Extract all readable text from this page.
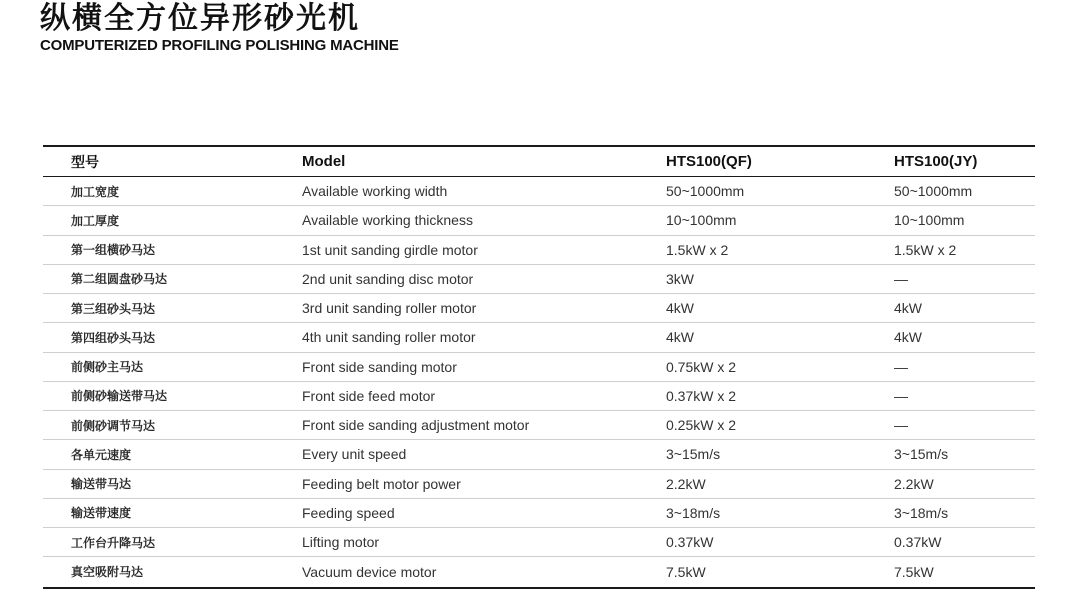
纵横全方位异形砂光机
COMPUTERIZED PROFILING POLISHING MACHINE
型号	Model	HTS100(QF)	HTS100(JY)
加工宽度	Available working width	50~1000mm	50~1000mm
加工厚度	Available working thickness	10~100mm	10~100mm
第一组横砂马达	1st unit sanding girdle motor	1.5kW x 2	1.5kW x 2
第二组圆盘砂马达	2nd unit sanding disc motor	3kW	—
第三组砂头马达	3rd unit sanding roller motor	4kW	4kW
第四组砂头马达	4th unit sanding roller motor	4kW	4kW
前侧砂主马达	Front side sanding motor	0.75kW x 2	—
前侧砂输送带马达	Front side feed motor	0.37kW x 2	—
前侧砂调节马达	Front side sanding adjustment motor	0.25kW x 2	—
各单元速度	Every unit speed	3~15m/s	3~15m/s
输送带马达	Feeding belt motor power	2.2kW	2.2kW
输送带速度	Feeding speed	3~18m/s	3~18m/s
工作台升降马达	Lifting motor	0.37kW	0.37kW
真空吸附马达	Vacuum device motor	7.5kW	7.5kW
